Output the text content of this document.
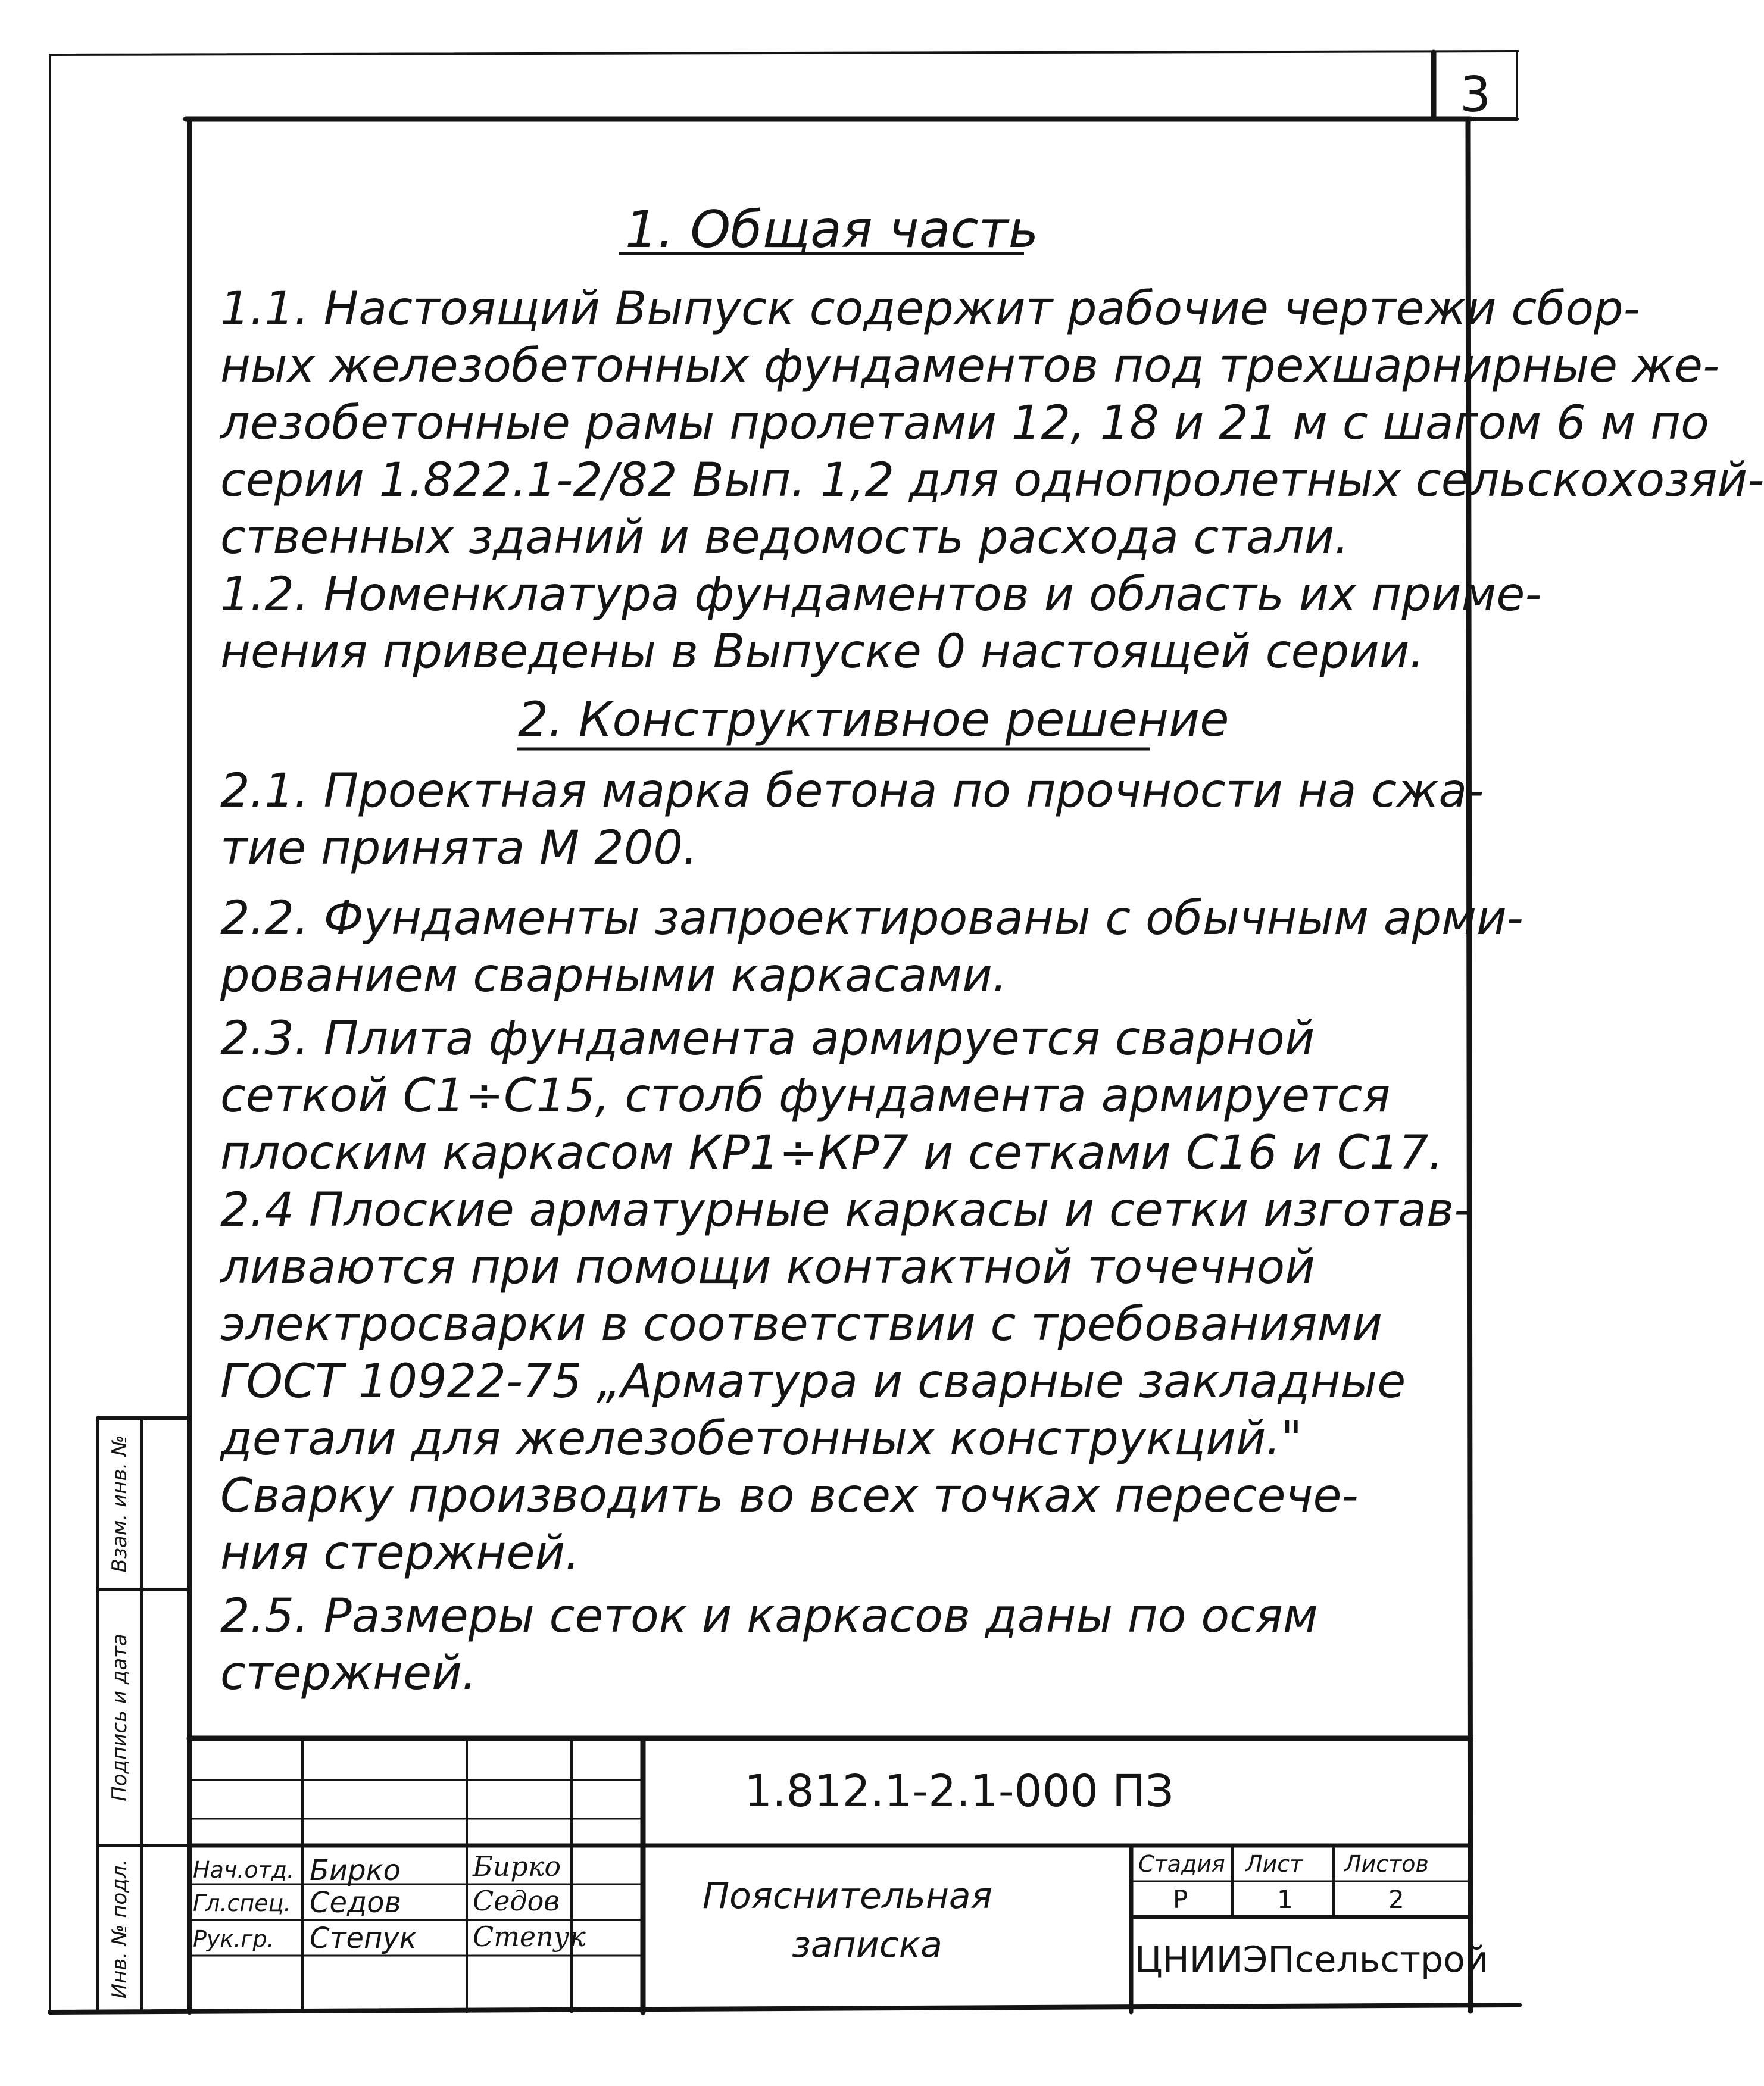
3
1. Общая часть
1.1. Настоящий Выпуск содержит рабочие чертежи сбор-
ных железобетонных фундаментов под трехшарнирные же-
лезобетонные рамы пролетами 12, 18 и 21 м с шагом 6 м по
серии 1.822.1-2/82 Вып. 1,2 для однопролетных сельскохозяй-
ственных зданий и ведомость расхода стали.
1.2. Номенклатура фундаментов и область их приме-
нения приведены в Выпуске 0 настоящей серии.
2. Конструктивное решение
2.1. Проектная марка бетона по прочности на сжа-
тие принята М 200.
2.2. Фундаменты запроектированы с обычным арми-
рованием сварными каркасами.
2.3. Плита фундамента армируется сварной
сеткой С1÷С15, столб фундамента армируется
плоским каркасом КР1÷КР7 и сетками С16 и С17.
2.4 Плоские арматурные каркасы и сетки изготав-
ливаются при помощи контактной точечной
электросварки в соответствии с требованиями
ГОСТ 10922-75 „Арматура и сварные закладные
детали для железобетонных конструкций."
Сварку производить во всех точках пересече-
ния стержней.
2.5. Размеры сеток и каркасов даны по осям
стержней.
Взам. инв. №
Подпись и дата
Инв. № подл.
1.812.1-2.1-000 ПЗ
Пояснительная
записка
Стадия Лист Листов
Р	1	2
ЦНИИЭПсельстрой
Нач.отд. Бирко	Бирко
Гл.спец. Седов	Седов
Рук.гр. Степук Степук
